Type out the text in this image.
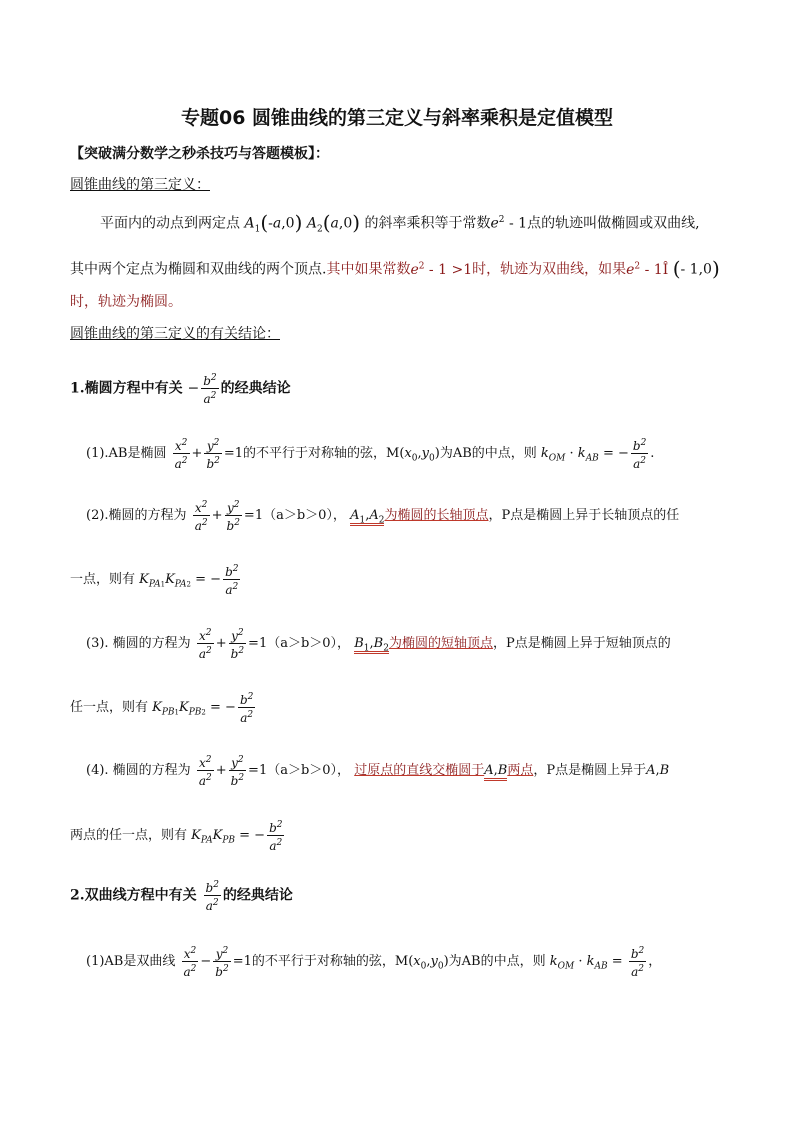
专题06 圆锥曲线的第三定义与斜率乘积是定值模型
【突破满分数学之秒杀技巧与答题模板】：
圆锥曲线的第三定义：
平面内的动点到两定点 $A_1(-a,0)$ $A_2(a,0)$ 的斜率乘积等于常数$e^2 - 1$点的轨迹叫做椭圆或双曲线,
其中两个定点为椭圆和双曲线的两个顶点.其中如果常数$e^2 - 1 >1$时，轨迹为双曲线，如果$e^2$ - 1Î (- 1,0)
时，轨迹为椭圆。
圆锥曲线的第三定义的有关结论：
1.椭圆方程中有关 − $\frac{b^2}{a^2}$ 的经典结论
(1).AB是椭圆 $\frac{x^2}{a^2} + \frac{y^2}{b^2} =1$的不平行于对称轴的弦，$M(x_0,y_0)$为AB的中点，则 $k_{OM} \cdot k_{AB}$ = − $\frac{b^2}{a^2}$ .
(2).椭圆的方程为 $\frac{x^2}{a^2} + \frac{y^2}{b^2} =1(a>b>0)$， $A_1,A_2$为椭圆的长轴顶点，P点是椭圆上异于长轴顶点的任
一点，则有 $K_{PA1}K_{PA2}$ = − $\frac{b^2}{a^2}$
(3). 椭圆的方程为 $\frac{x^2}{a^2} + \frac{y^2}{b^2} =1(a>b>0)$， $B_1,B_2$为椭圆的短轴顶点，P点是椭圆上异于短轴顶点的
任一点，则有 $K_{PB1}K_{PB2}$ = − $\frac{b^2}{a^2}$
(4). 椭圆的方程为 $\frac{x^2}{a^2} + \frac{y^2}{b^2} =1(a>b>0)$， 过原点的直线交椭圆于A,B两点，P点是椭圆上异于A,B
两点的任一点，则有 $K_{PA}K_{PB}$ = − $\frac{b^2}{a^2}$
2.双曲线方程中有关 $\frac{b^2}{a^2}$ 的经典结论
(1)AB是双曲线 $\frac{x^2}{a^2} - \frac{y^2}{b^2} =1$的不平行于对称轴的弦，$M(x_0,y_0)$为AB的中点，则 $k_{OM} \cdot k_{AB} = \frac{b^2}{a^2}$ ，
